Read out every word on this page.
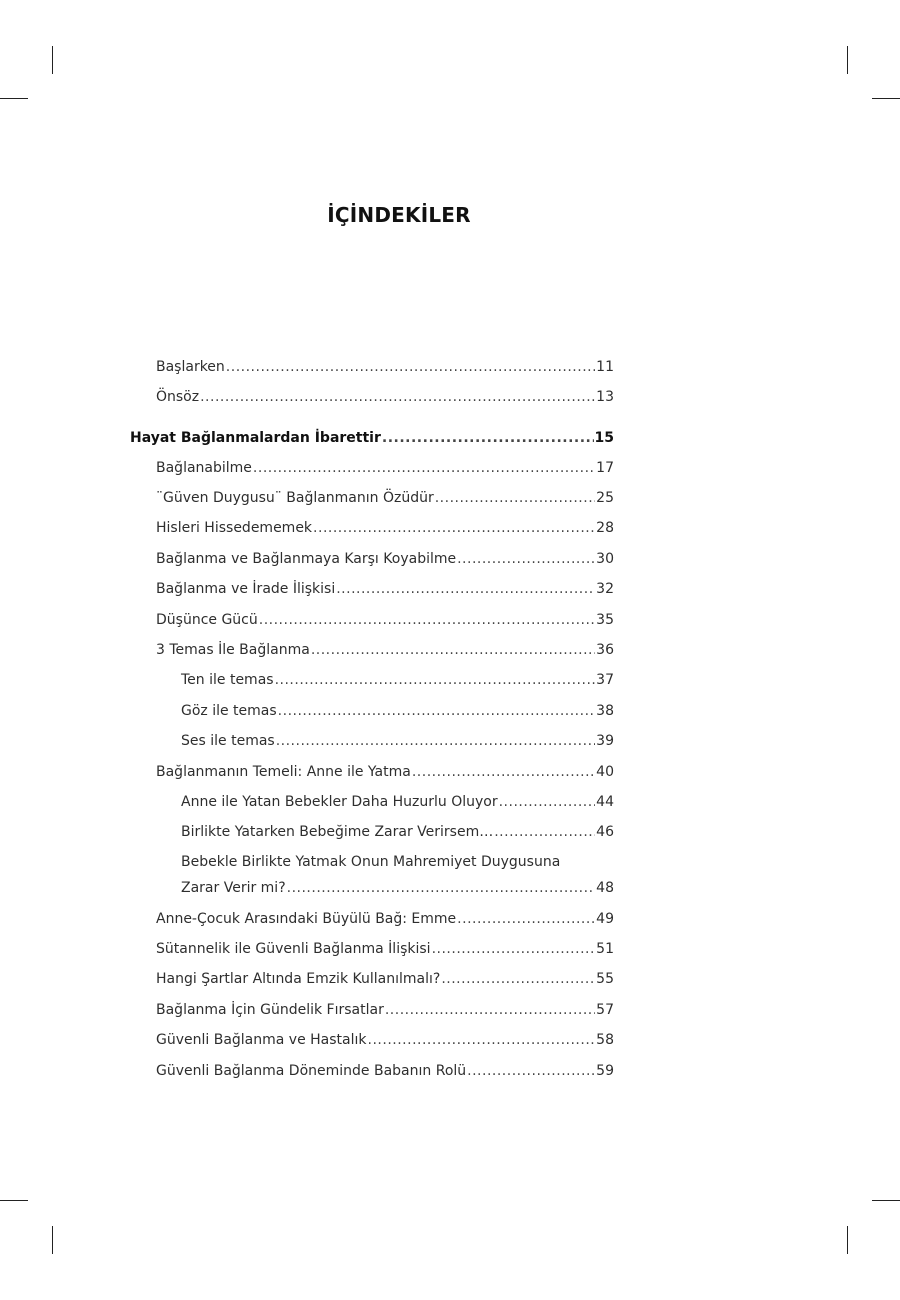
İÇİNDEKİLER
Başlarken .....	11
Önsöz .....	13
Hayat Bağlanmalardan İbarettir .....	15
Bağlanabilme .....	17
¨Güven Duygusu¨ Bağlanmanın Özüdür .....	25
Hisleri Hissedememek .....	28
Bağlanma ve Bağlanmaya Karşı Koyabilme .....	30
Bağlanma ve İrade İlişkisi .....	32
Düşünce Gücü .....	35
3 Temas İle Bağlanma .....	36
Ten ile temas .....	37
Göz ile temas .....	38
Ses ile temas .....	39
Bağlanmanın Temeli: Anne ile Yatma .....	40
Anne ile Yatan Bebekler Daha Huzurlu Oluyor .....	44
Birlikte Yatarken Bebeğime Zarar Verirsem… .....	46
Bebekle Birlikte Yatmak Onun Mahremiyet Duygusuna
Zarar Verir mi? .....	48
Anne-Çocuk Arasındaki Büyülü Bağ: Emme .....	49
Sütannelik ile Güvenli Bağlanma İlişkisi .....	51
Hangi Şartlar Altında Emzik Kullanılmalı? .....	55
Bağlanma İçin Gündelik Fırsatlar .....	57
Güvenli Bağlanma ve Hastalık .....	58
Güvenli Bağlanma Döneminde Babanın Rolü .....	59
